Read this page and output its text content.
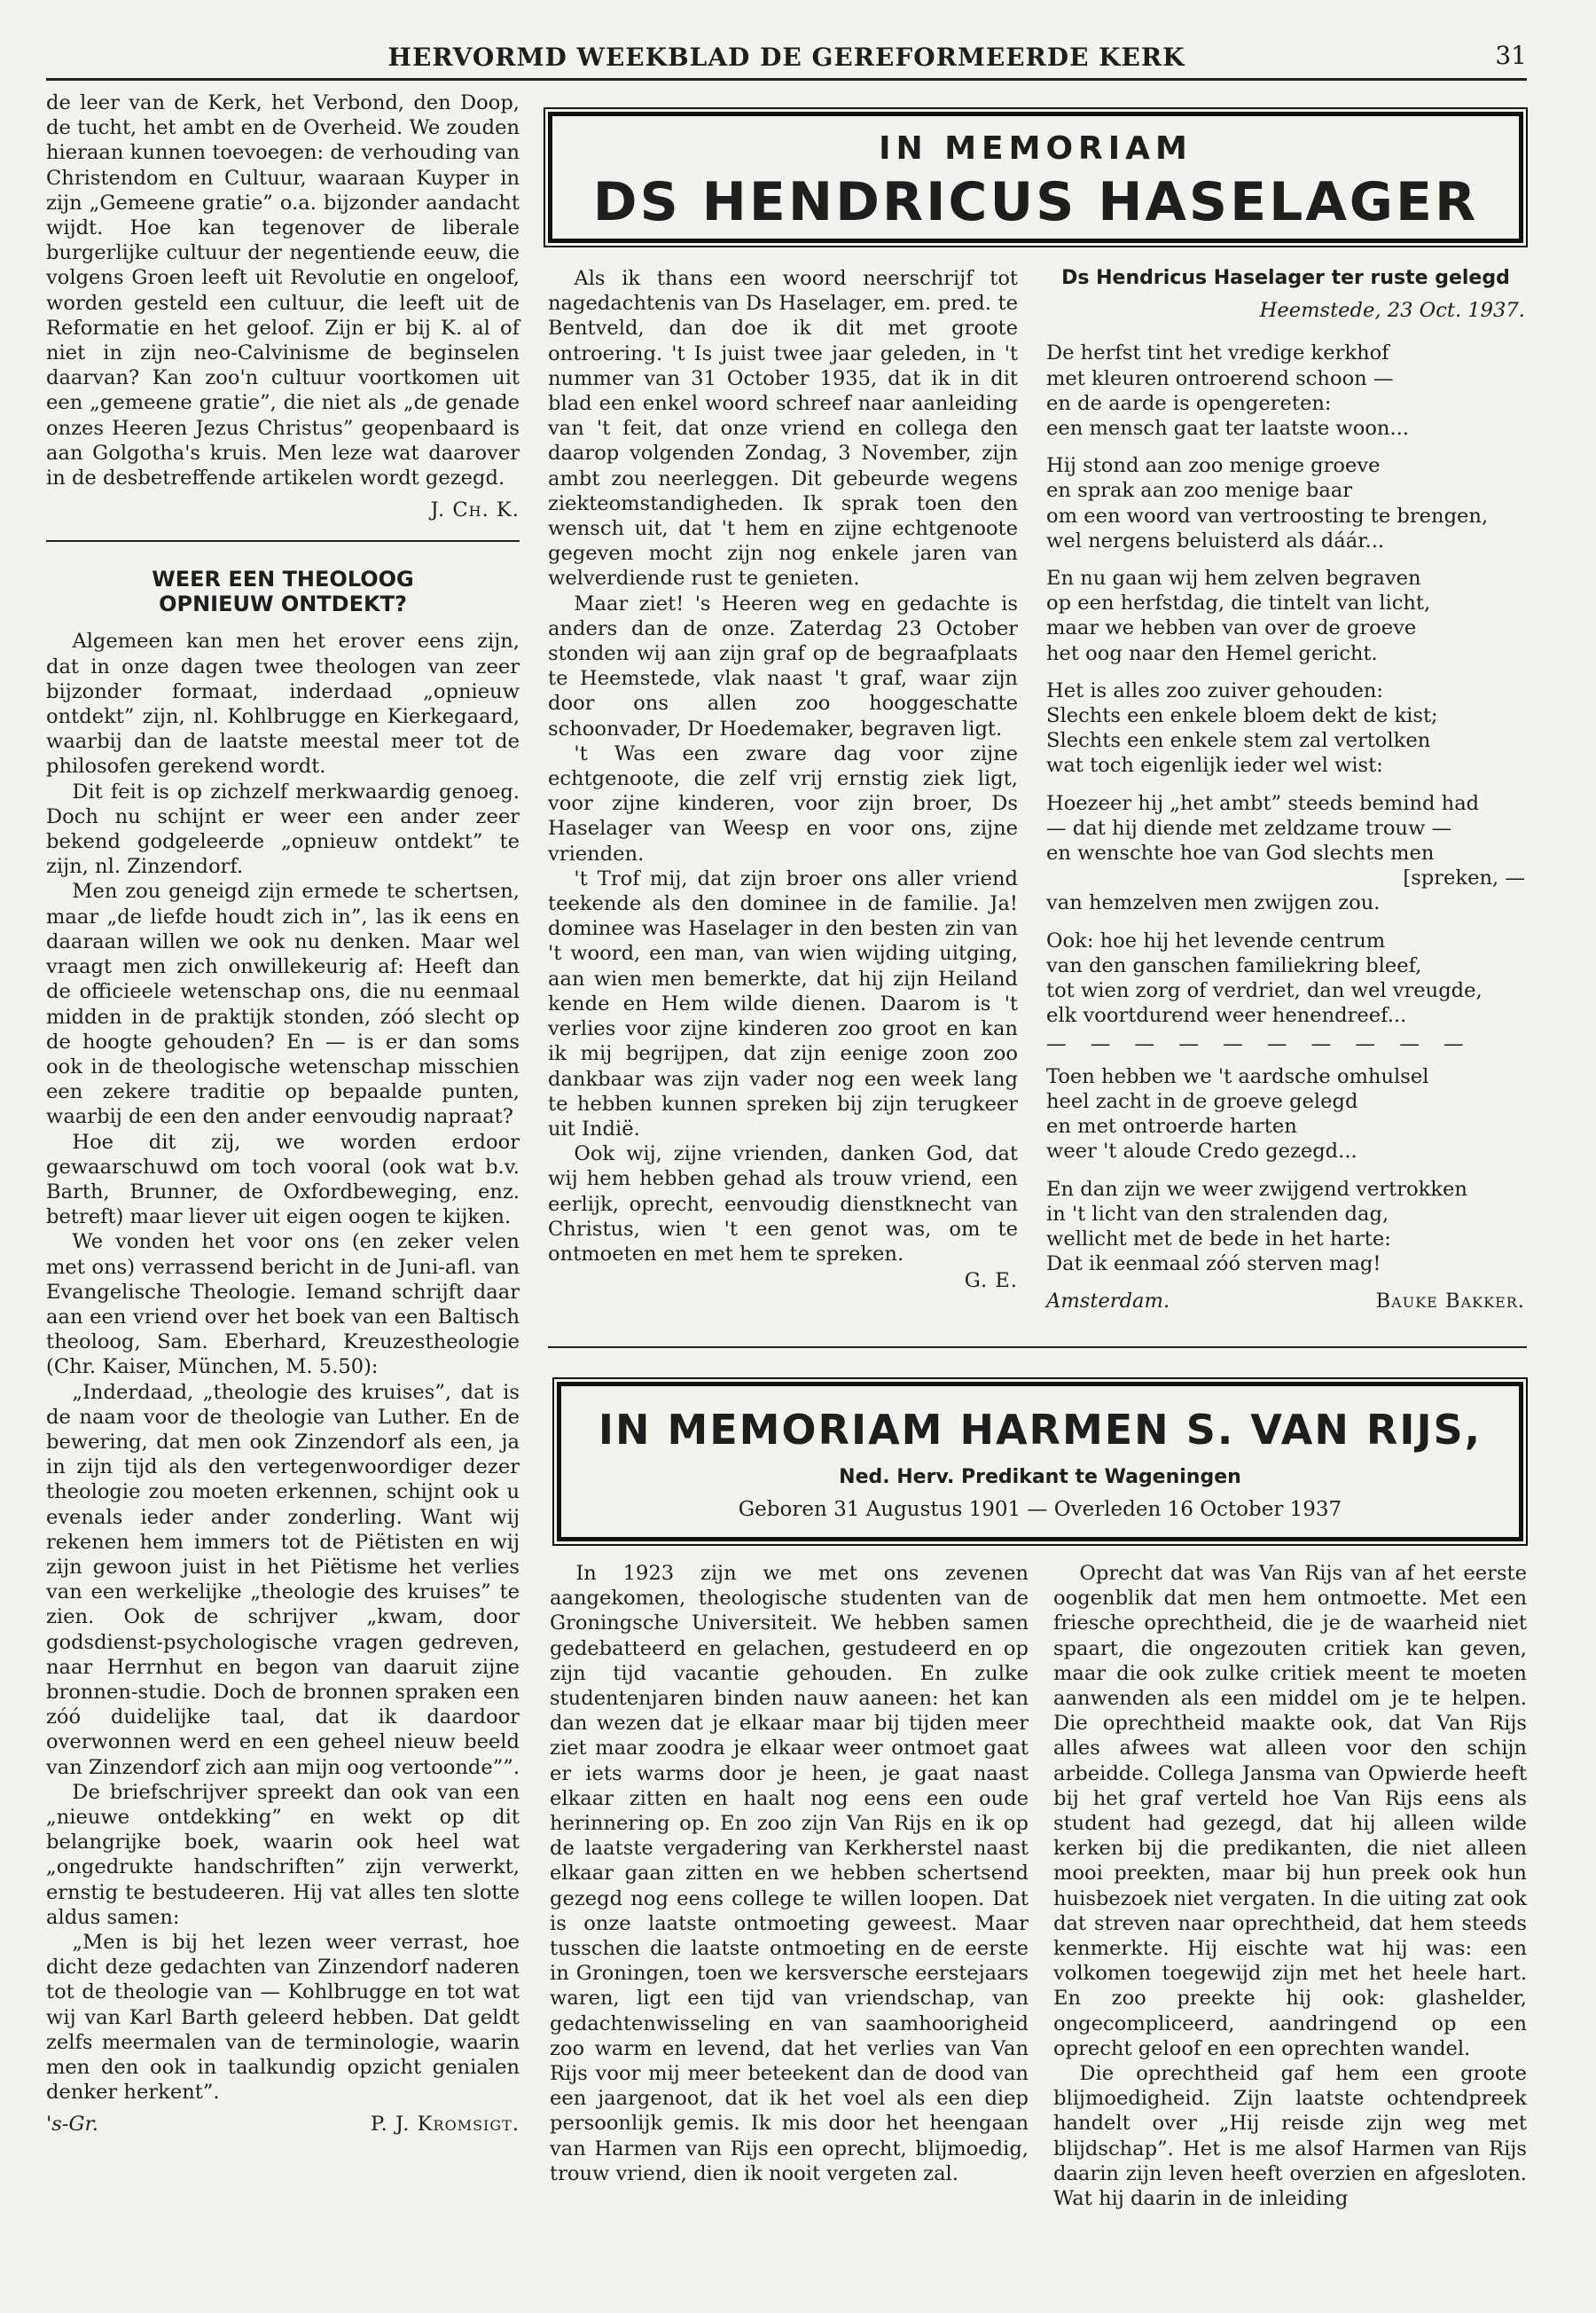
HERVORMD WEEKBLAD DE GEREFORMEERDE KERK	31

de leer van de Kerk, het Verbond, den Doop, de tucht, het ambt en de Overheid. We zouden hieraan kunnen toevoegen: de verhouding van Christendom en Cultuur, waaraan Kuyper in zijn „Gemeene gratie” o.a. bijzonder aandacht wijdt. Hoe kan tegenover de liberale burgerlijke cultuur der negentiende eeuw, die volgens Groen leeft uit Revolutie en ongeloof, worden gesteld een cultuur, die leeft uit de Reformatie en het geloof. Zijn er bij K. al of niet in zijn neo-Calvinisme de beginselen daarvan? Kan zoo'n cultuur voortkomen uit een „gemeene gratie”, die niet als „de genade onzes Heeren Jezus Christus” geopenbaard is aan Golgotha's kruis. Men leze wat daarover in de desbetreffende artikelen wordt gezegd.

J. Ch. K.
WEER EEN THEOLOOG
OPNIEUW ONTDEKT?

Algemeen kan men het erover eens zijn, dat in onze dagen twee theologen van zeer bijzonder formaat, inderdaad „opnieuw ontdekt” zijn, nl. Kohlbrugge en Kierkegaard, waarbij dan de laatste meestal meer tot de philosofen gerekend wordt.

Dit feit is op zichzelf merkwaardig genoeg. Doch nu schijnt er weer een ander zeer bekend godgeleerde „opnieuw ontdekt” te zijn, nl. Zinzendorf.

Men zou geneigd zijn ermede te schertsen, maar „de liefde houdt zich in”, las ik eens en daaraan willen we ook nu denken. Maar wel vraagt men zich onwillekeurig af: Heeft dan de officieele wetenschap ons, die nu eenmaal midden in de praktijk stonden, zóó slecht op de hoogte gehouden? En — is er dan soms ook in de theologische wetenschap misschien een zekere traditie op bepaalde punten, waarbij de een den ander eenvoudig napraat?

Hoe dit zij, we worden erdoor gewaarschuwd om toch vooral (ook wat b.v. Barth, Brunner, de Oxfordbeweging, enz. betreft) maar liever uit eigen oogen te kijken.

We vonden het voor ons (en zeker velen met ons) verrassend bericht in de Juni-afl. van Evangelische Theologie. Iemand schrijft daar aan een vriend over het boek van een Baltisch theoloog, Sam. Eberhard, Kreuzestheologie (Chr. Kaiser, München, M. 5.50):

„Inderdaad, „theologie des kruises”, dat is de naam voor de theologie van Luther. En de bewering, dat men ook Zinzendorf als een, ja in zijn tijd als den vertegenwoordiger dezer theologie zou moeten erkennen, schijnt ook u evenals ieder ander zonderling. Want wij rekenen hem immers tot de Piëtisten en wij zijn gewoon juist in het Piëtisme het verlies van een werkelijke „theologie des kruises” te zien. Ook de schrijver „kwam, door godsdienst-psychologische vragen gedreven, naar Herrnhut en begon van daaruit zijne bronnen-studie. Doch de bronnen spraken een zóó duidelijke taal, dat ik daardoor overwonnen werd en een geheel nieuw beeld van Zinzendorf zich aan mijn oog vertoonde””.

De briefschrijver spreekt dan ook van een „nieuwe ontdekking” en wekt op dit belangrijke boek, waarin ook heel wat „ongedrukte handschriften” zijn verwerkt, ernstig te bestudeeren. Hij vat alles ten slotte aldus samen:

„Men is bij het lezen weer verrast, hoe dicht deze gedachten van Zinzendorf naderen tot de theologie van — Kohlbrugge en tot wat wij van Karl Barth geleerd hebben. Dat geldt zelfs meermalen van de terminologie, waarin men den ook in taalkundig opzicht genialen denker herkent”.

's-Gr.	P. J. Kromsigt.
IN MEMORIAM
DS HENDRICUS HASELAGER

Als ik thans een woord neerschrijf tot nagedachtenis van Ds Haselager, em. pred. te Bentveld, dan doe ik dit met groote ontroering. 't Is juist twee jaar geleden, in 't nummer van 31 October 1935, dat ik in dit blad een enkel woord schreef naar aanleiding van 't feit, dat onze vriend en collega den daarop volgenden Zondag, 3 November, zijn ambt zou neerleggen. Dit gebeurde wegens ziekteomstandigheden. Ik sprak toen den wensch uit, dat 't hem en zijne echtgenoote gegeven mocht zijn nog enkele jaren van welverdiende rust te genieten.

Maar ziet! 's Heeren weg en gedachte is anders dan de onze. Zaterdag 23 October stonden wij aan zijn graf op de begraafplaats te Heemstede, vlak naast 't graf, waar zijn door ons allen zoo hooggeschatte schoonvader, Dr Hoedemaker, begraven ligt.

't Was een zware dag voor zijne echtgenoote, die zelf vrij ernstig ziek ligt, voor zijne kinderen, voor zijn broer, Ds Haselager van Weesp en voor ons, zijne vrienden.

't Trof mij, dat zijn broer ons aller vriend teekende als den dominee in de familie. Ja! dominee was Haselager in den besten zin van 't woord, een man, van wien wijding uitging, aan wien men bemerkte, dat hij zijn Heiland kende en Hem wilde dienen. Daarom is 't verlies voor zijne kinderen zoo groot en kan ik mij begrijpen, dat zijn eenige zoon zoo dankbaar was zijn vader nog een week lang te hebben kunnen spreken bij zijn terugkeer uit Indië.

Ook wij, zijne vrienden, danken God, dat wij hem hebben gehad als trouw vriend, een eerlijk, oprecht, eenvoudig dienstknecht van Christus, wien 't een genot was, om te ontmoeten en met hem te spreken.

G. E.
Ds Hendricus Haselager ter ruste gelegd
Heemstede, 23 Oct. 1937.
De herfst tint het vredige kerkhof
met kleuren ontroerend schoon —
en de aarde is opengereten:
een mensch gaat ter laatste woon...
Hij stond aan zoo menige groeve
en sprak aan zoo menige baar
om een woord van vertroosting te brengen,
wel nergens beluisterd als dáár...
En nu gaan wij hem zelven begraven
op een herfstdag, die tintelt van licht,
maar we hebben van over de groeve
het oog naar den Hemel gericht.
Het is alles zoo zuiver gehouden:
Slechts een enkele bloem dekt de kist;
Slechts een enkele stem zal vertolken
wat toch eigenlijk ieder wel wist:
Hoezeer hij „het ambt” steeds bemind had
— dat hij diende met zeldzame trouw —
en wenschte hoe van God slechts men
[spreken, —
van hemzelven men zwijgen zou.
Ook: hoe hij het levende centrum
van den ganschen familiekring bleef,
tot wien zorg of verdriet, dan wel vreugde,
elk voortdurend weer henendreef...
— — — — — — — — — —
Toen hebben we 't aardsche omhulsel
heel zacht in de groeve gelegd
en met ontroerde harten
weer 't aloude Credo gezegd...
En dan zijn we weer zwijgend vertrokken
in 't licht van den stralenden dag,
wellicht met de bede in het harte:
Dat ik eenmaal zóó sterven mag!
Amsterdam.	Bauke Bakker.
IN MEMORIAM HARMEN S. VAN RIJS,
Ned. Herv. Predikant te Wageningen
Geboren 31 Augustus 1901 — Overleden 16 October 1937

In 1923 zijn we met ons zevenen aangekomen, theologische studenten van de Groningsche Universiteit. We hebben samen gedebatteerd en gelachen, gestudeerd en op zijn tijd vacantie gehouden. En zulke studentenjaren binden nauw aaneen: het kan dan wezen dat je elkaar maar bij tijden meer ziet maar zoodra je elkaar weer ontmoet gaat er iets warms door je heen, je gaat naast elkaar zitten en haalt nog eens een oude herinnering op. En zoo zijn Van Rijs en ik op de laatste vergadering van Kerkherstel naast elkaar gaan zitten en we hebben schertsend gezegd nog eens college te willen loopen. Dat is onze laatste ontmoeting geweest. Maar tusschen die laatste ontmoeting en de eerste in Groningen, toen we kersversche eerstejaars waren, ligt een tijd van vriendschap, van gedachtenwisseling en van saamhoorigheid zoo warm en levend, dat het verlies van Van Rijs voor mij meer beteekent dan de dood van een jaargenoot, dat ik het voel als een diep persoonlijk gemis. Ik mis door het heengaan van Harmen van Rijs een oprecht, blijmoedig, trouw vriend, dien ik nooit vergeten zal.

Oprecht dat was Van Rijs van af het eerste oogenblik dat men hem ontmoette. Met een friesche oprechtheid, die je de waarheid niet spaart, die ongezouten critiek kan geven, maar die ook zulke critiek meent te moeten aanwenden als een middel om je te helpen. Die oprechtheid maakte ook, dat Van Rijs alles afwees wat alleen voor den schijn arbeidde. Collega Jansma van Opwierde heeft bij het graf verteld hoe Van Rijs eens als student had gezegd, dat hij alleen wilde kerken bij die predikanten, die niet alleen mooi preekten, maar bij hun preek ook hun huisbezoek niet vergaten. In die uiting zat ook dat streven naar oprechtheid, dat hem steeds kenmerkte. Hij eischte wat hij was: een volkomen toegewijd zijn met het heele hart. En zoo preekte hij ook: glashelder, ongecompliceerd, aandringend op een oprecht geloof en een oprechten wandel.

Die oprechtheid gaf hem een groote blijmoedigheid. Zijn laatste ochtendpreek handelt over „Hij reisde zijn weg met blijdschap”. Het is me alsof Harmen van Rijs daarin zijn leven heeft overzien en afgesloten. Wat hij daarin in de inleiding
